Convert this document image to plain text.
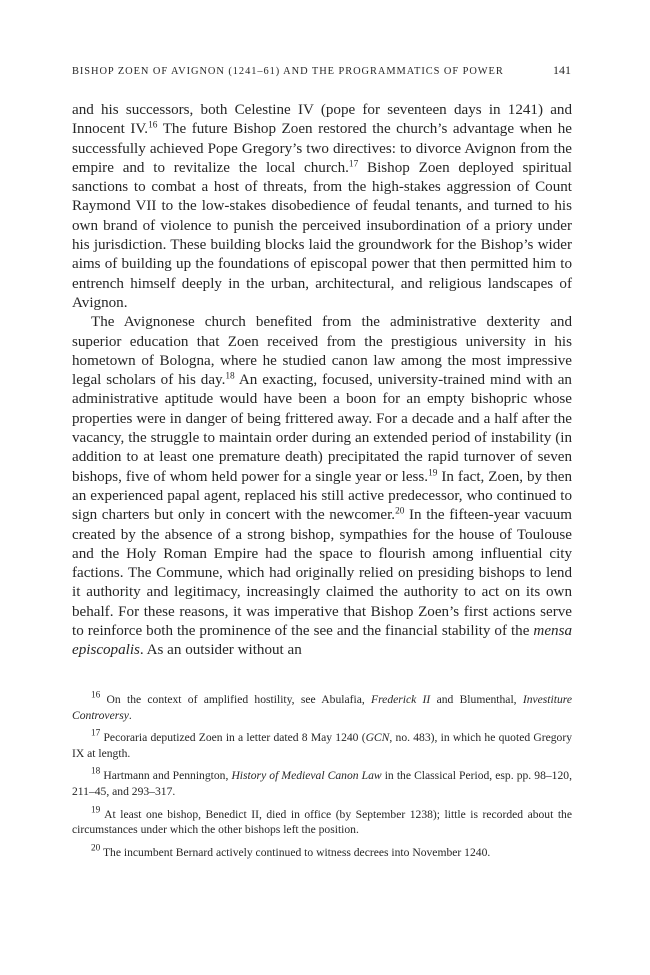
BISHOP ZOEN OF AVIGNON (1241–61) AND THE PROGRAMMATICS OF POWER	141

and his successors, both Celestine IV (pope for seventeen days in 1241) and Innocent IV.$^{16}$ The future Bishop Zoen restored the church’s advantage when he successfully achieved Pope Gregory’s two directives: to divorce Avignon from the empire and to revitalize the local church.$^{17}$ Bishop Zoen deployed spiritual sanctions to combat a host of threats, from the high-stakes aggression of Count Raymond VII to the low-stakes disobedience of feudal tenants, and turned to his own brand of violence to punish the perceived insubordination of a priory under his jurisdiction. These building blocks laid the groundwork for the Bishop’s wider aims of building up the foundations of episcopal power that then permitted him to entrench himself deeply in the urban, architectural, and religious landscapes of Avignon.

The Avignonese church benefited from the administrative dexterity and superior education that Zoen received from the prestigious university in his hometown of Bologna, where he studied canon law among the most impressive legal scholars of his day.$^{18}$ An exacting, focused, university-trained mind with an administrative aptitude would have been a boon for an empty bishopric whose properties were in danger of being frittered away. For a decade and a half after the vacancy, the struggle to maintain order during an extended period of instability (in addition to at least one premature death) precipitated the rapid turnover of seven bishops, five of whom held power for a single year or less.$^{19}$ In fact, Zoen, by then an experienced papal agent, replaced his still active predecessor, who continued to sign charters but only in concert with the newcomer.$^{20}$ In the fifteen-year vacuum created by the absence of a strong bishop, sympathies for the house of Toulouse and the Holy Roman Empire had the space to flourish among influential city factions. The Commune, which had originally relied on presiding bishops to lend it authority and legitimacy, increasingly claimed the authority to act on its own behalf. For these reasons, it was imperative that Bishop Zoen’s first actions serve to reinforce both the prominence of the see and the financial stability of the mensa episcopalis. As an outsider without an

$^{16}$ On the context of amplified hostility, see Abulafia, Frederick II and Blumenthal, Investiture Controversy.

$^{17}$ Pecoraria deputized Zoen in a letter dated 8 May 1240 (GCN, no. 483), in which he quoted Gregory IX at length.

$^{18}$ Hartmann and Pennington, History of Medieval Canon Law in the Classical Period, esp. pp. 98–120, 211–45, and 293–317.

$^{19}$ At least one bishop, Benedict II, died in office (by September 1238); little is recorded about the circumstances under which the other bishops left the position.

$^{20}$ The incumbent Bernard actively continued to witness decrees into November 1240.
